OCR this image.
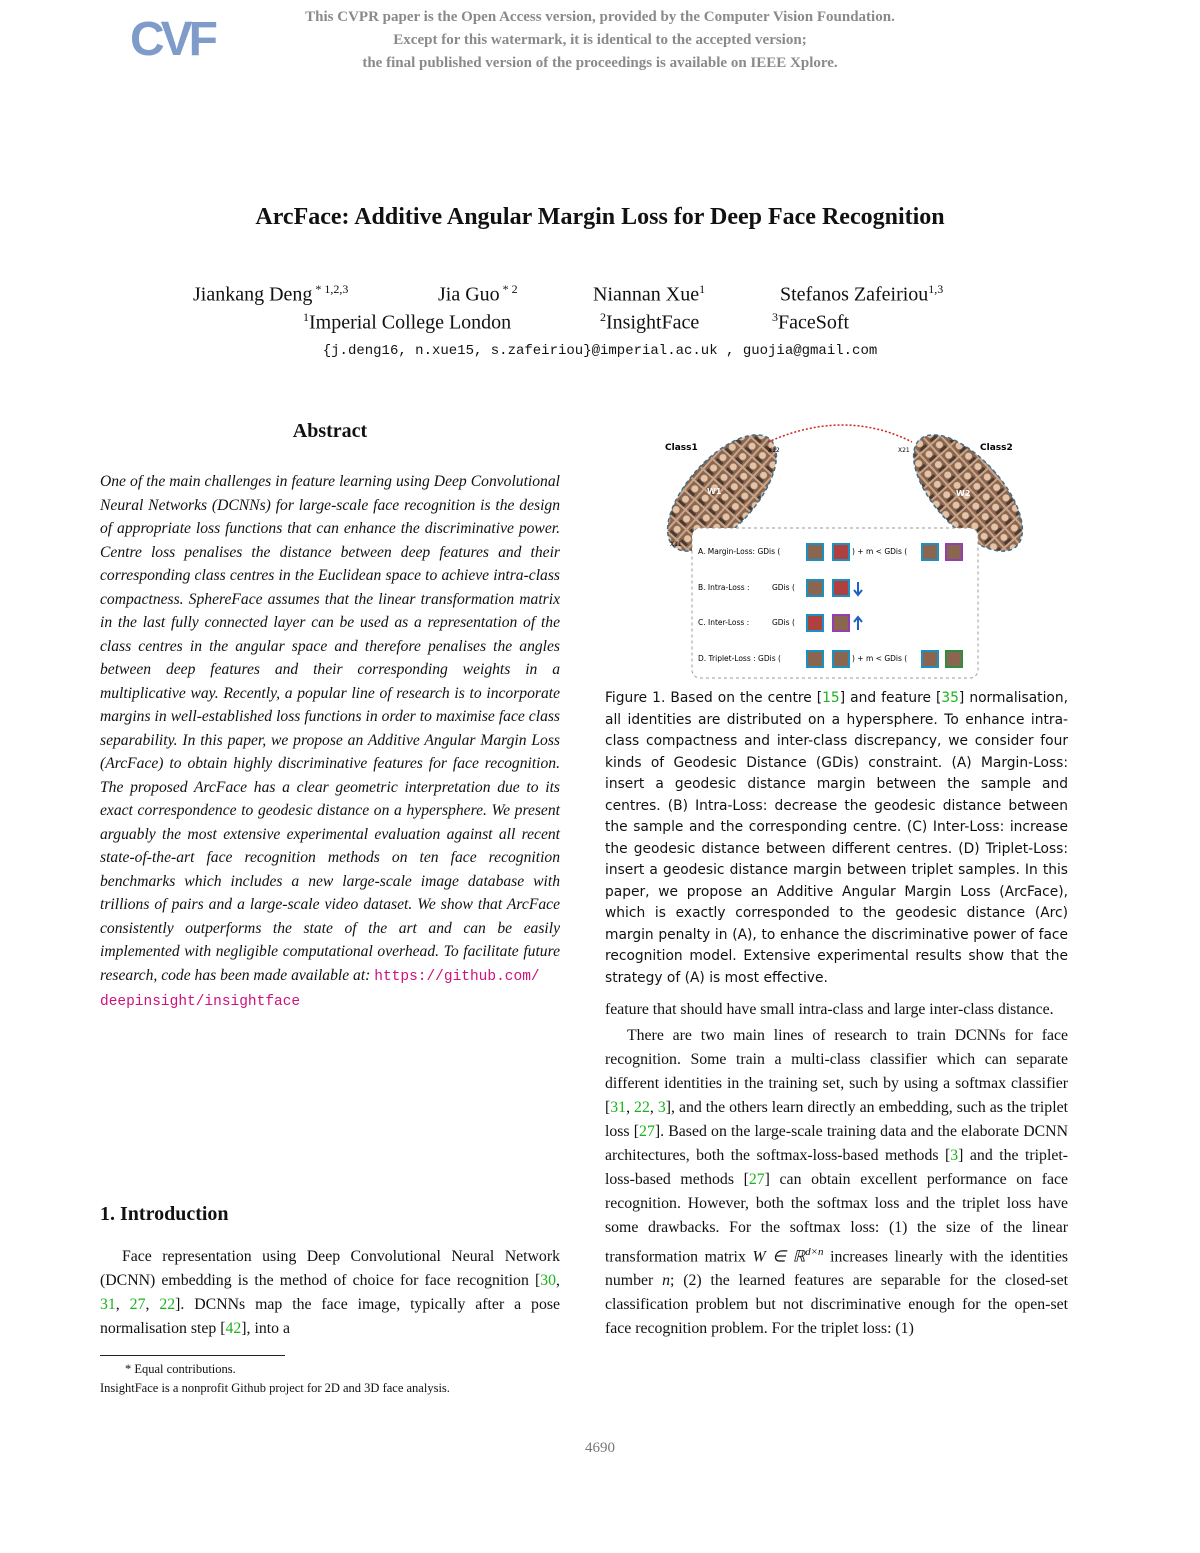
CVF	This CVPR paper is the Open Access version, provided by the Computer Vision Foundation.
Except for this watermark, it is identical to the accepted version;
the final published version of the proceedings is available on IEEE Xplore.
ArcFace: Additive Angular Margin Loss for Deep Face Recognition
Jiankang Deng $^{* 1,2,3}$	Jia Guo $^{* 2}$	Niannan Xue$^1$	Stefanos Zafeiriou$^{1,3}$
$^1$Imperial College London	$^2$InsightFace	$^3$FaceSoft
{j.deng16, n.xue15, s.zafeiriou}@imperial.ac.uk , guojia@gmail.com
Abstract
One of the main challenges in feature learning using Deep Convolutional Neural Networks (DCNNs) for large-scale face recognition is the design of appropriate loss functions that can enhance the discriminative power. Centre loss penalises the distance between deep features and their corresponding class centres in the Euclidean space to achieve intra-class compactness. SphereFace assumes that the linear transformation matrix in the last fully connected layer can be used as a representation of the class centres in the angular space and therefore penalises the angles between deep features and their corresponding weights in a multiplicative way. Recently, a popular line of research is to incorporate margins in well-established loss functions in order to maximise face class separability. In this paper, we propose an Additive Angular Margin Loss (ArcFace) to obtain highly discriminative features for face recognition. The proposed ArcFace has a clear geometric interpretation due to its exact correspondence to geodesic distance on a hypersphere. We present arguably the most extensive experimental evaluation against all recent state-of-the-art face recognition methods on ten face recognition benchmarks which includes a new large-scale image database with trillions of pairs and a large-scale video dataset. We show that ArcFace consistently outperforms the state of the art and can be easily implemented with negligible computational overhead. To facilitate future research, code has been made available at: https://github.com/
deepinsight/insightface
1. Introduction
Face representation using Deep Convolutional Neural Network (DCNN) embedding is the method of choice for face recognition [30, 31, 27, 22]. DCNNs map the face image, typically after a pose normalisation step [42], into a
* Equal contributions.
InsightFace is a nonprofit Github project for 2D and 3D face analysis.
Class1
W1
X12
X11
Class2
W2
X21
A. Margin-Loss: GDis (	) + m < GDis (
B. Intra-Loss :	GDis (
C. Inter-Loss :	GDis (
D. Triplet-Loss : GDis (	) + m < GDis (
Figure 1. Based on the centre [15] and feature [35] normalisation, all identities are distributed on a hypersphere. To enhance intra-class compactness and inter-class discrepancy, we consider four kinds of Geodesic Distance (GDis) constraint. (A) Margin-Loss: insert a geodesic distance margin between the sample and centres. (B) Intra-Loss: decrease the geodesic distance between the sample and the corresponding centre. (C) Inter-Loss: increase the geodesic distance between different centres. (D) Triplet-Loss: insert a geodesic distance margin between triplet samples. In this paper, we propose an Additive Angular Margin Loss (ArcFace), which is exactly corresponded to the geodesic distance (Arc) margin penalty in (A), to enhance the discriminative power of face recognition model. Extensive experimental results show that the strategy of (A) is most effective.

feature that should have small intra-class and large inter-class distance.

There are two main lines of research to train DCNNs for face recognition. Some train a multi-class classifier which can separate different identities in the training set, such by using a softmax classifier [31, 22, 3], and the others learn directly an embedding, such as the triplet loss [27]. Based on the large-scale training data and the elaborate DCNN architectures, both the softmax-loss-based methods [3] and the triplet-loss-based methods [27] can obtain excellent performance on face recognition. However, both the softmax loss and the triplet loss have some drawbacks. For the softmax loss: (1) the size of the linear transformation matrix W ∈ ℝ$^{d\times n}$ increases linearly with the identities number n; (2) the learned features are separable for the closed-set classification problem but not discriminative enough for the open-set face recognition problem. For the triplet loss: (1)

4690
